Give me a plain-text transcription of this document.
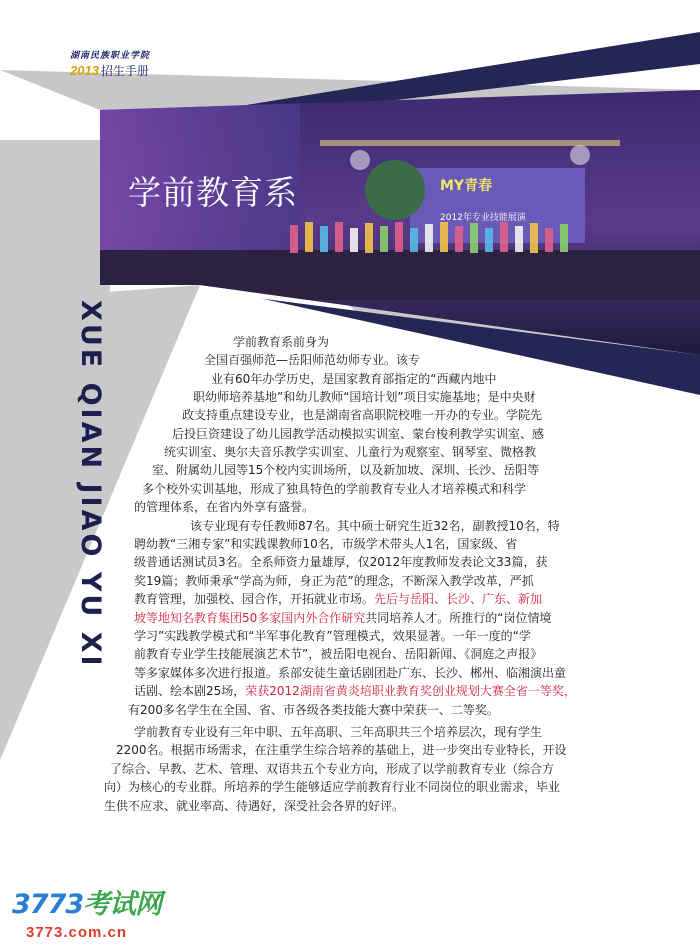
湖南民族职业学院
2013 招生手册
MY青春
2012年专业技能展演
学前教育系
XUE QIAN JIAO YU XI	学前教育系前身为
全国百强师范—岳阳师范幼师专业。该专
业有60年办学历史，是国家教育部指定的“西藏内地中
职幼师培养基地”和幼儿教师“国培计划”项目实施基地；是中央财
政支持重点建设专业，也是湖南省高职院校唯一开办的专业。学院先
后投巨资建设了幼儿园教学活动模拟实训室、蒙台梭利教学实训室、感
统实训室、奥尔夫音乐教学实训室、儿童行为观察室、钢琴室、微格教
室、附属幼儿园等15个校内实训场所，以及新加坡、深圳、长沙、岳阳等
多个校外实训基地，形成了独具特色的学前教育专业人才培养模式和科学
的管理体系，在省内外享有盛誉。
该专业现有专任教师87名。其中硕士研究生近32名，副教授10名，特
聘幼教“三湘专家”和实践课教师10名，市级学术带头人1名，国家级、省
级普通话测试员3名。全系师资力量雄厚，仅2012年度教师发表论文33篇，获
奖19篇；教师秉承“学高为师，身正为范”的理念，不断深入教学改革，严抓
教育管理，加强校、园合作，开拓就业市场。先后与岳阳、长沙、广东、新加
坡等地知名教育集团50多家国内外合作研究共同培养人才。所推行的“岗位情境
学习”实践教学模式和“半军事化教育”管理模式，效果显著。一年一度的“学
前教育专业学生技能展演艺术节”，被岳阳电视台、岳阳新闻、《洞庭之声报》
等多家媒体多次进行报道。系部安徒生童话剧团赴广东、长沙、郴州、临湘演出童
话剧、绘本剧25场，荣获2012湖南省黄炎培职业教育奖创业规划大赛全省一等奖，
有200多名学生在全国、省、市各级各类技能大赛中荣获一、二等奖。
学前教育专业设有三年中职、五年高职、三年高职共三个培养层次，现有学生
2200名。根据市场需求，在注重学生综合培养的基础上，进一步突出专业特长，开设
了综合、早教、艺术、管理、双语共五个专业方向，形成了以学前教育专业（综合方
向）为核心的专业群。所培养的学生能够适应学前教育行业不同岗位的职业需求，毕业
生供不应求、就业率高、待遇好，深受社会各界的好评。
3773考试网
3773.com.cn
